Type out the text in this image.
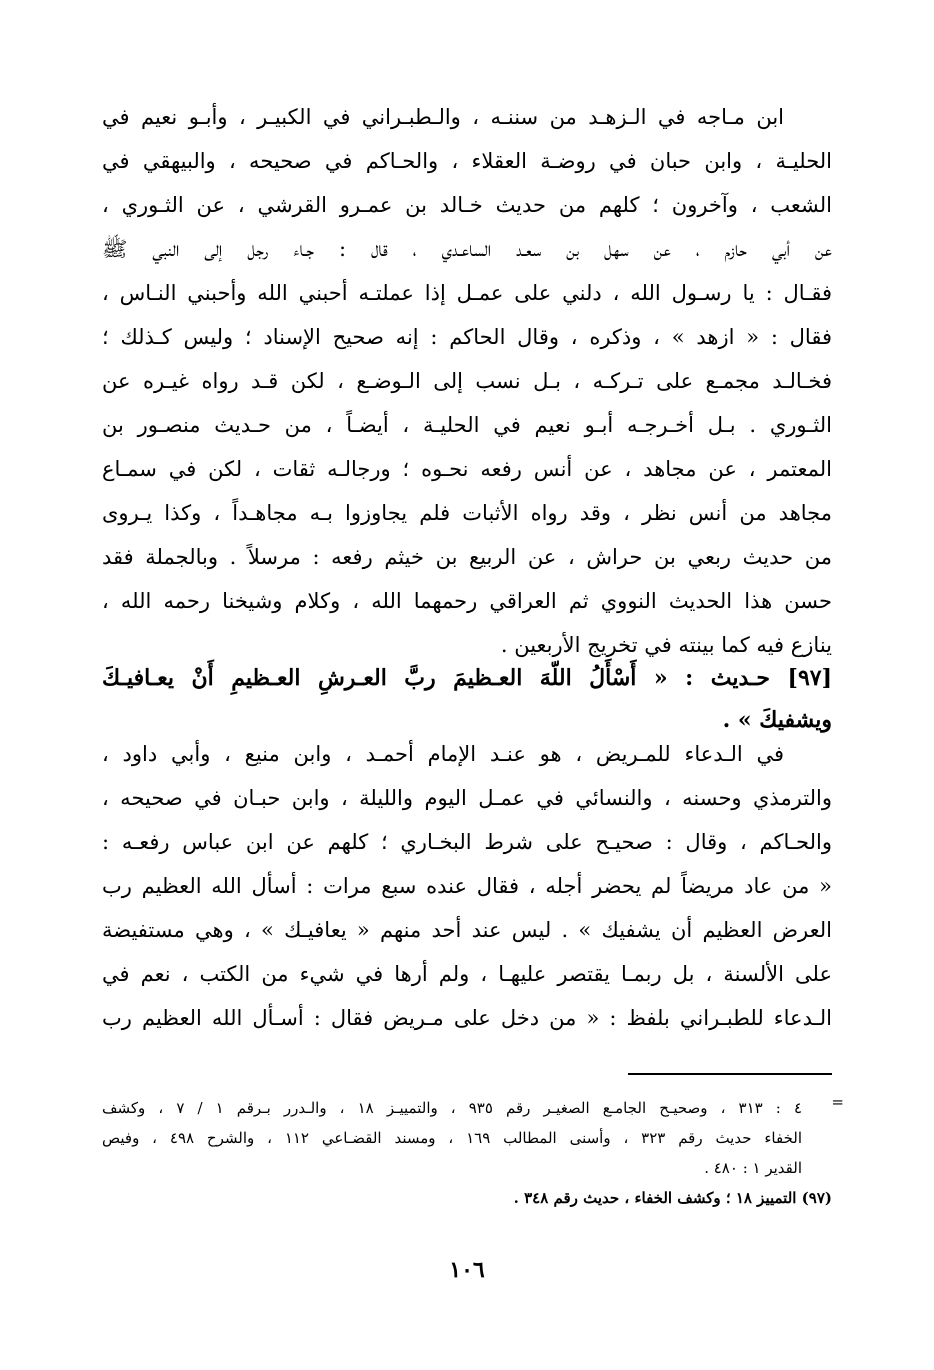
ابن مـاجه في الـزهـد من سننـه ، والـطبـراني في الكبيـر ، وأبـو نعيم في
الحليـة ، وابن حبان في روضـة العقلاء ، والحـاكم في صحيحه ، والبيهقي في
الشعب ، وآخرون ؛ كلهم من حديث خـالد بن عمـرو القرشي ، عن الثـوري ،
عن أبي حازم ، عن سهل بن سعـد الساعـدي ، قال : جـاء رجل إلى النبي ﷺ
فقـال : يا رسـول الله ، دلني على عمـل إذا عملتـه أحبني الله وأحبني النـاس ،
فقال : « ازهد » ، وذكره ، وقال الحاكم : إنه صحيح الإسناد ؛ وليس كـذلك ؛
فخـالـد مجمـع على تـركـه ، بـل نسب إلى الـوضـع ، لكن قـد رواه غيـره عن
الثـوري . بـل أخـرجـه أبـو نعيم في الحليـة ، أيضـاً ، من حـديث منصـور بن
المعتمر ، عن مجاهد ، عن أنس رفعه نحـوه ؛ ورجالـه ثقات ، لكن في سمـاع
مجاهد من أنس نظر ، وقد رواه الأثبات فلم يجاوزوا بـه مجاهـداً ، وكذا يـروى
من حديث ربعي بن حراش ، عن الربيع بن خيثم رفعه : مرسلاً . وبالجملة فقد
حسن هذا الحديث النووي ثم العراقي رحمهما الله ، وكلام وشيخنا رحمه الله ،
ينازع فيه كما بينته في تخريج الأربعين .
[٩٧] حـديث : « أَسْأَلُ اللّهَ العـظيمَ ربَّ العـرشِ العـظيمِ أَنْ يعـافيـكَ
ويشفيكَ » .
في الـدعاء للمـريض ، هو عنـد الإمام أحمـد ، وابن منيع ، وأبي داود ،
والترمذي وحسنه ، والنسائي في عمـل اليوم والليلة ، وابن حبـان في صحيحه ،
والحـاكم ، وقال : صحيـح على شرط البخـاري ؛ كلهم عن ابن عباس رفعـه :
« من عاد مريضاً لم يحضر أجله ، فقال عنده سبع مرات : أسأل الله العظيم رب
العرض العظيم أن يشفيك » . ليس عند أحد منهم « يعافيـك » ، وهي مستفيضة
على الألسنة ، بل ربمـا يقتصر عليهـا ، ولم أرها في شيء من الكتب ، نعم في
الـدعاء للطبـراني بلفظ : « من دخل على مـريض فقال : أسـأل الله العظيم رب
=
٤ : ٣١٣ ، وصحيـح الجامـع الصغيـر رقم ٩٣٥ ، والتمييـز ١٨ ، والـدرر بـرقم ١ / ٧ ، وكشف
الخفاء حديث رقم ٣٢٣ ، وأسنى المطالب ١٦٩ ، ومسند القضـاعي ١١٢ ، والشرح ٤٩٨ ، وفيص
القدير ١ : ٤٨٠ .
(٩٧) التمييز ١٨ ؛ وكشف الخفاء ، حديث رقم ٣٤٨ .
١٠٦
